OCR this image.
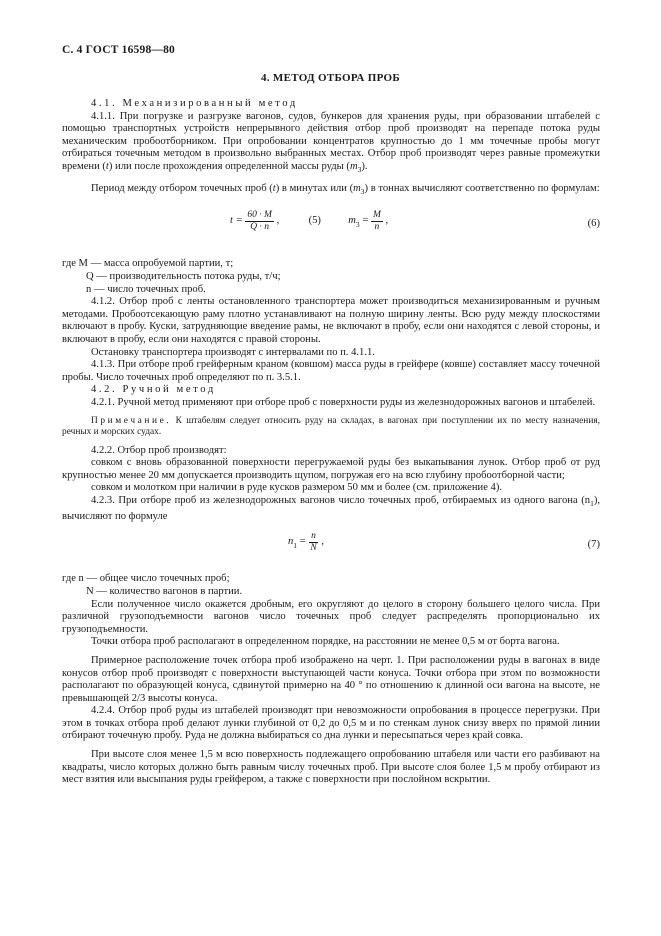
С. 4 ГОСТ 16598—80
4. МЕТОД ОТБОРА ПРОБ

4.1. Механизированный метод

4.1.1. При погрузке и разгрузке вагонов, судов, бункеров для хранения руды, при образовании штабелей с помощью транспортных устройств непрерывного действия отбор проб производят на перепаде потока руды механическим пробоотборником. При опробовании концентратов крупностью до 1 мм точечные пробы могут отбираться точечным методом в произвольно выбранных местах. Отбор проб производят через равные промежутки времени (t) или после прохождения определенной массы руды $(m_3)$.

Период между отбором точечных проб (t) в минутах или $(m_3)$ в тоннах вычисляют соответственно по формулам:

$t = \frac{60 \cdot M}{Q \cdot n}$ ,	(5)	$m_3 = \frac{M}{n}$ ,	(6)

где M — масса опробуемой партии, т;

Q — производительность потока руды, т/ч;

n — число точечных проб.

4.1.2. Отбор проб с ленты остановленного транспортера может производиться механизированным и ручным методами. Пробоотсекающую раму плотно устанавливают на полную ширину ленты. Всю руду между плоскостями включают в пробу. Куски, затрудняющие введение рамы, не включают в пробу, если они находятся с левой стороны, и включают в пробу, если они находятся с правой стороны.

Остановку транспортера производят с интервалами по п. 4.1.1.

4.1.3. При отборе проб грейферным краном (ковшом) масса руды в грейфере (ковше) составляет массу точечной пробы. Число точечных проб определяют по п. 3.5.1.

4.2. Ручной метод

4.2.1. Ручной метод применяют при отборе проб с поверхности руды из железнодорожных вагонов и штабелей.

Примечание. К штабелям следует относить руду на складах, в вагонах при поступлении их по месту назначения, речных и морских судах.

4.2.2. Отбор проб производят:

совком с вновь образованной поверхности перегружаемой руды без выкапывания лунок. Отбор проб от руд крупностью менее 20 мм допускается производить щупом, погружая его на всю глубину пробоотборной части;

совком и молотком при наличии в руде кусков размером 50 мм и более (см. приложение 4).

4.2.3. При отборе проб из железнодорожных вагонов число точечных проб, отбираемых из одного вагона $(n_1)$, вычисляют по формуле

$n_1 = \frac{n}{N}$ ,	(7)

где n — общее число точечных проб;

N — количество вагонов в партии.

Если полученное число окажется дробным, его округляют до целого в сторону большего целого числа. При различной грузоподъемности вагонов число точечных проб следует распределять пропорционально их грузоподъемности.

Точки отбора проб располагают в определенном порядке, на расстоянии не менее 0,5 м от борта вагона.

Примерное расположение точек отбора проб изображено на черт. 1. При расположении руды в вагонах в виде конусов отбор проб производят с поверхности выступающей части конуса. Точки отбора при этом по возможности располагают по образующей конуса, сдвинутой примерно на 40 ° по отношению к длинной оси вагона на высоте, не превышающей 2/3 высоты конуса.

4.2.4. Отбор проб руды из штабелей производят при невозможности опробования в процессе перегрузки. При этом в точках отбора проб делают лунки глубиной от 0,2 до 0,5 м и по стенкам лунок снизу вверх по прямой линии отбирают точечную пробу. Руда не должна выбираться со дна лунки и пересыпаться через край совка.

При высоте слоя менее 1,5 м всю поверхность подлежащего опробованию штабеля или части его разбивают на квадраты, число которых должно быть равным числу точечных проб. При высоте слоя более 1,5 м пробу отбирают из мест взятия или высыпания руды грейфером, а также с поверхности при послойном вскрытии.
